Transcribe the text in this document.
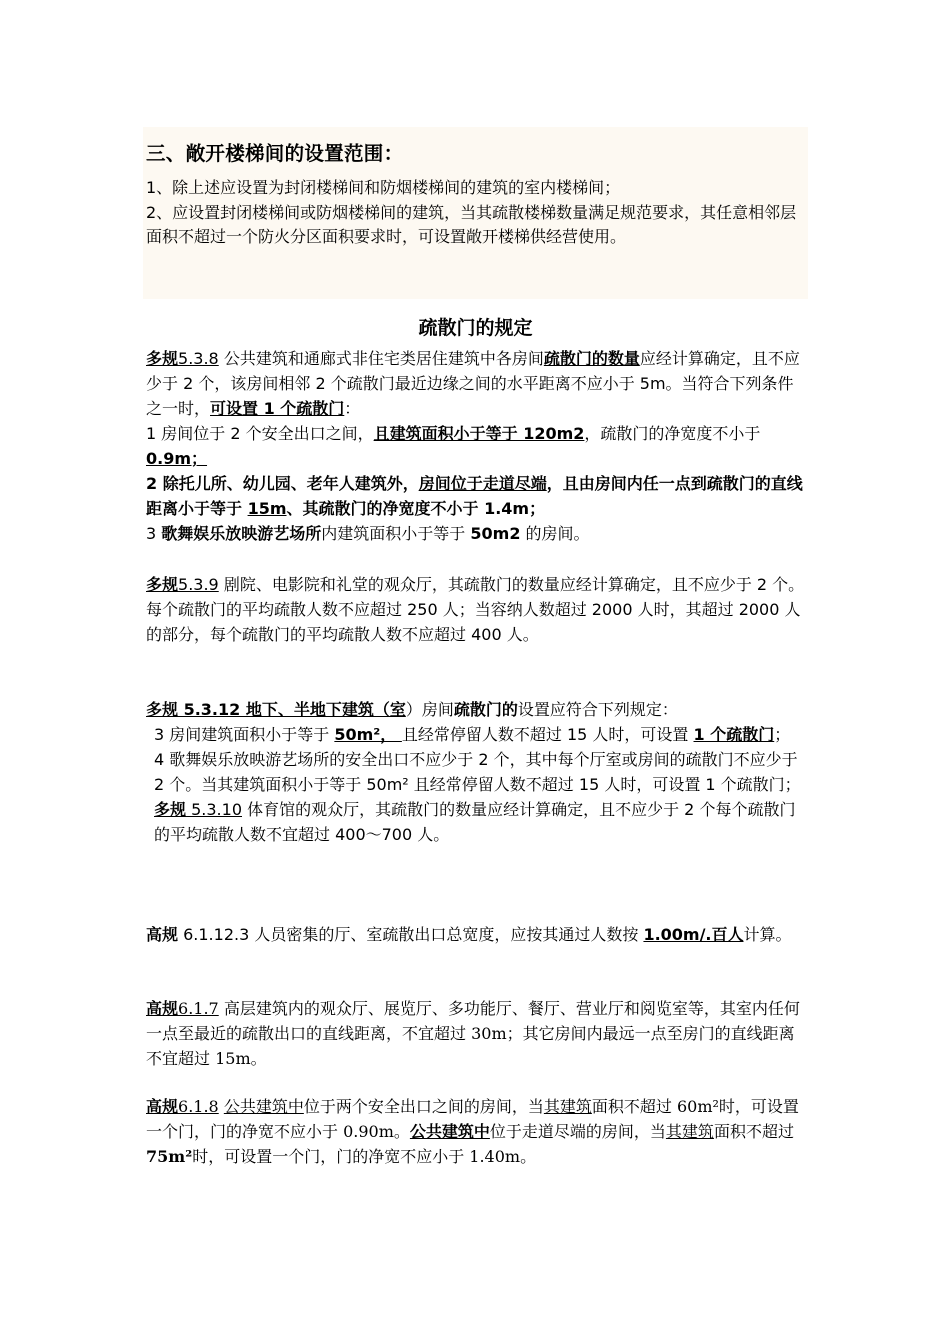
三、敞开楼梯间的设置范围：

1、除上述应设置为封闭楼梯间和防烟楼梯间的建筑的室内楼梯间；

2、应设置封闭楼梯间或防烟楼梯间的建筑，当其疏散楼梯数量满足规范要求，其任意相邻层面积不超过一个防火分区面积要求时，可设置敞开楼梯供经营使用。

疏散门的规定

多规5.3.8 公共建筑和通廊式非住宅类居住建筑中各房间疏散门的数量应经计算确定，且不应少于 2 个，该房间相邻 2 个疏散门最近边缘之间的水平距离不应小于 5m。当符合下列条件之一时，可设置 1 个疏散门：

1 房间位于 2 个安全出口之间，且建筑面积小于等于 120m2，疏散门的净宽度不小于 0.9m；

2 除托儿所、幼儿园、老年人建筑外，房间位于走道尽端，且由房间内任一点到疏散门的直线距离小于等于 15m、其疏散门的净宽度不小于 1.4m；

3 歌舞娱乐放映游艺场所内建筑面积小于等于 50m2 的房间。

多规5.3.9 剧院、电影院和礼堂的观众厅，其疏散门的数量应经计算确定，且不应少于 2 个。每个疏散门的平均疏散人数不应超过 250 人；当容纳人数超过 2000 人时，其超过 2000 人的部分，每个疏散门的平均疏散人数不应超过 400 人。

多规 5.3.12 地下、半地下建筑（室）房间疏散门的设置应符合下列规定：

3 房间建筑面积小于等于 50m²， 且经常停留人数不超过 15 人时，可设置 1 个疏散门；

4 歌舞娱乐放映游艺场所的安全出口不应少于 2 个，其中每个厅室或房间的疏散门不应少于 2 个。当其建筑面积小于等于 50m² 且经常停留人数不超过 15 人时，可设置 1 个疏散门；

多规 5.3.10 体育馆的观众厅，其疏散门的数量应经计算确定，且不应少于 2 个每个疏散门的平均疏散人数不宜超过 400～700 人。

高规 6.1.12.3 人员密集的厅、室疏散出口总宽度，应按其通过人数按 1.00m/.百人计算。

高规6.1.7 高层建筑内的观众厅、展览厅、多功能厅、餐厅、营业厅和阅览室等，其室内任何一点至最近的疏散出口的直线距离，不宜超过 30m；其它房间内最远一点至房门的直线距离不宜超过 15m。

高规6.1.8 公共建筑中位于两个安全出口之间的房间，当其建筑面积不超过 60m²时，可设置一个门，门的净宽不应小于 0.90m。公共建筑中位于走道尽端的房间，当其建筑面积不超过 75m²时，可设置一个门，门的净宽不应小于 1.40m。
